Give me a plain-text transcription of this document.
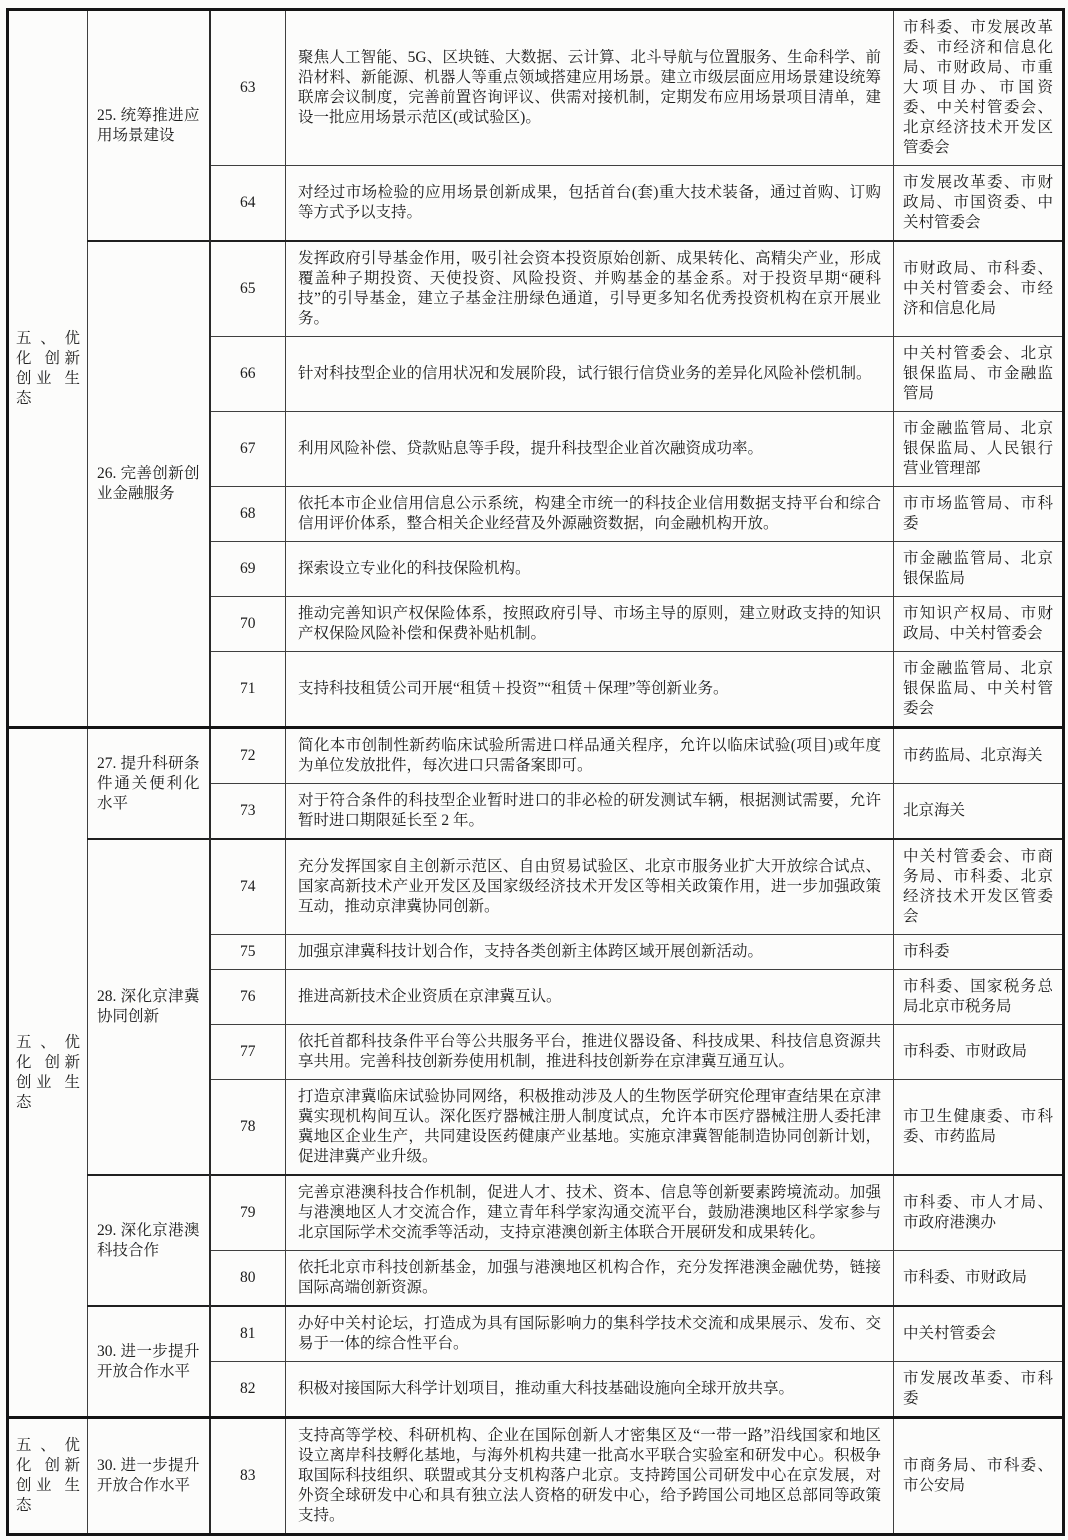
五、优 化 创新创业 生态	25. 统筹推进应用场景建设	63	聚焦人工智能、5G、区块链、大数据、云计算、北斗导航与位置服务、生命科学、前沿材料、新能源、机器人等重点领域搭建应用场景。建立市级层面应用场景建设统筹联席会议制度，完善前置咨询评议、供需对接机制，定期发布应用场景项目清单，建设一批应用场景示范区(或试验区)。	市科委、市发展改革委、市经济和信息化局、市财政局、市重大项目办、市国资委、中关村管委会、北京经济技术开发区管委会
		64	对经过市场检验的应用场景创新成果，包括首台(套)重大技术装备，通过首购、订购等方式予以支持。	市发展改革委、市财政局、市国资委、中关村管委会
	26. 完善创新创业金融服务	65	发挥政府引导基金作用，吸引社会资本投资原始创新、成果转化、高精尖产业，形成覆盖种子期投资、天使投资、风险投资、并购基金的基金系。对于投资早期“硬科技”的引导基金，建立子基金注册绿色通道，引导更多知名优秀投资机构在京开展业务。	市财政局、市科委、中关村管委会、市经济和信息化局
		66	针对科技型企业的信用状况和发展阶段，试行银行信贷业务的差异化风险补偿机制。	中关村管委会、北京银保监局、市金融监管局
		67	利用风险补偿、贷款贴息等手段，提升科技型企业首次融资成功率。	市金融监管局、北京银保监局、人民银行营业管理部
		68	依托本市企业信用信息公示系统，构建全市统一的科技企业信用数据支持平台和综合信用评价体系，整合相关企业经营及外源融资数据，向金融机构开放。	市市场监管局、市科委
		69	探索设立专业化的科技保险机构。	市金融监管局、北京银保监局
		70	推动完善知识产权保险体系，按照政府引导、市场主导的原则，建立财政支持的知识产权保险风险补偿和保费补贴机制。	市知识产权局、市财政局、中关村管委会
		71	支持科技租赁公司开展“租赁＋投资”“租赁＋保理”等创新业务。	市金融监管局、北京银保监局、中关村管委会
五、优 化 创新创业 生态	27. 提升科研条件通关便利化水平	72	简化本市创制性新药临床试验所需进口样品通关程序，允许以临床试验(项目)或年度为单位发放批件，每次进口只需备案即可。	市药监局、北京海关
		73	对于符合条件的科技型企业暂时进口的非必检的研发测试车辆，根据测试需要，允许暂时进口期限延长至 2 年。	北京海关
	28. 深化京津冀协同创新	74	充分发挥国家自主创新示范区、自由贸易试验区、北京市服务业扩大开放综合试点、国家高新技术产业开发区及国家级经济技术开发区等相关政策作用，进一步加强政策互动，推动京津冀协同创新。	中关村管委会、市商务局、市科委、北京经济技术开发区管委会
		75	加强京津冀科技计划合作，支持各类创新主体跨区域开展创新活动。	市科委
		76	推进高新技术企业资质在京津冀互认。	市科委、国家税务总局北京市税务局
		77	依托首都科技条件平台等公共服务平台，推进仪器设备、科技成果、科技信息资源共享共用。完善科技创新券使用机制，推进科技创新券在京津冀互通互认。	市科委、市财政局
		78	打造京津冀临床试验协同网络，积极推动涉及人的生物医学研究伦理审查结果在京津冀实现机构间互认。深化医疗器械注册人制度试点，允许本市医疗器械注册人委托津冀地区企业生产，共同建设医药健康产业基地。实施京津冀智能制造协同创新计划，促进津冀产业升级。	市卫生健康委、市科委、市药监局
	29. 深化京港澳科技合作	79	完善京港澳科技合作机制，促进人才、技术、资本、信息等创新要素跨境流动。加强与港澳地区人才交流合作，建立青年科学家沟通交流平台，鼓励港澳地区科学家参与北京国际学术交流季等活动，支持京港澳创新主体联合开展研发和成果转化。	市科委、市人才局、市政府港澳办
		80	依托北京市科技创新基金，加强与港澳地区机构合作，充分发挥港澳金融优势，链接国际高端创新资源。	市科委、市财政局
	30. 进一步提升开放合作水平	81	办好中关村论坛，打造成为具有国际影响力的集科学技术交流和成果展示、发布、交易于一体的综合性平台。	中关村管委会
		82	积极对接国际大科学计划项目，推动重大科技基础设施向全球开放共享。	市发展改革委、市科委
五、优 化 创新创业 生态	30. 进一步提升开放合作水平	83	支持高等学校、科研机构、企业在国际创新人才密集区及“一带一路”沿线国家和地区设立离岸科技孵化基地，与海外机构共建一批高水平联合实验室和研发中心。积极争取国际科技组织、联盟或其分支机构落户北京。支持跨国公司研发中心在京发展，对外资全球研发中心和具有独立法人资格的研发中心，给予跨国公司地区总部同等政策支持。	市商务局、市科委、市公安局
